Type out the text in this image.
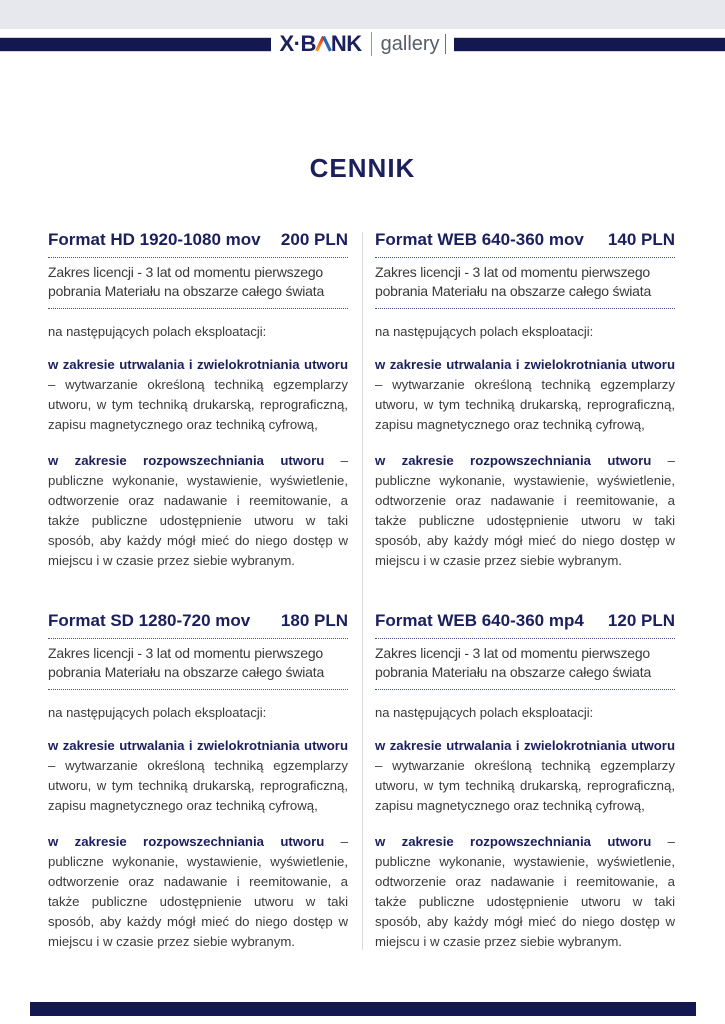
X·B NK gallery
CENNIK
Format HD 1920-1080 mov 200 PLN
Zakres licencji - 3 lat od momentu pierwszego pobrania Materiału na obszarze całego świata
na następujących polach eksploatacji:

w zakresie utrwalania i zwielokrotniania utworu – wytwarzanie określoną techniką egzemplarzy utworu, w tym techniką drukarską, reprograficzną, zapisu magnetycznego oraz techniką cyfrową,

w zakresie rozpowszechniania utworu – publiczne wykonanie, wystawienie, wyświetlenie, odtworzenie oraz nadawanie i reemitowanie, a także publiczne udostępnienie utworu w taki sposób, aby każdy mógł mieć do niego dostęp w miejscu i w czasie przez siebie wybranym.

Format WEB 640-360 mov 140 PLN
Zakres licencji - 3 lat od momentu pierwszego pobrania Materiału na obszarze całego świata
na następujących polach eksploatacji:

w zakresie utrwalania i zwielokrotniania utworu – wytwarzanie określoną techniką egzemplarzy utworu, w tym techniką drukarską, reprograficzną, zapisu magnetycznego oraz techniką cyfrową,

w zakresie rozpowszechniania utworu – publiczne wykonanie, wystawienie, wyświetlenie, odtworzenie oraz nadawanie i reemitowanie, a także publiczne udostępnienie utworu w taki sposób, aby każdy mógł mieć do niego dostęp w miejscu i w czasie przez siebie wybranym.

Format SD 1280-720 mov 180 PLN
Zakres licencji - 3 lat od momentu pierwszego pobrania Materiału na obszarze całego świata
na następujących polach eksploatacji:

w zakresie utrwalania i zwielokrotniania utworu – wytwarzanie określoną techniką egzemplarzy utworu, w tym techniką drukarską, reprograficzną, zapisu magnetycznego oraz techniką cyfrową,

w zakresie rozpowszechniania utworu – publiczne wykonanie, wystawienie, wyświetlenie, odtworzenie oraz nadawanie i reemitowanie, a także publiczne udostępnienie utworu w taki sposób, aby każdy mógł mieć do niego dostęp w miejscu i w czasie przez siebie wybranym.

Format WEB 640-360 mp4 120 PLN
Zakres licencji - 3 lat od momentu pierwszego pobrania Materiału na obszarze całego świata
na następujących polach eksploatacji:

w zakresie utrwalania i zwielokrotniania utworu – wytwarzanie określoną techniką egzemplarzy utworu, w tym techniką drukarską, reprograficzną, zapisu magnetycznego oraz techniką cyfrową,

w zakresie rozpowszechniania utworu – publiczne wykonanie, wystawienie, wyświetlenie, odtworzenie oraz nadawanie i reemitowanie, a także publiczne udostępnienie utworu w taki sposób, aby każdy mógł mieć do niego dostęp w miejscu i w czasie przez siebie wybranym.
